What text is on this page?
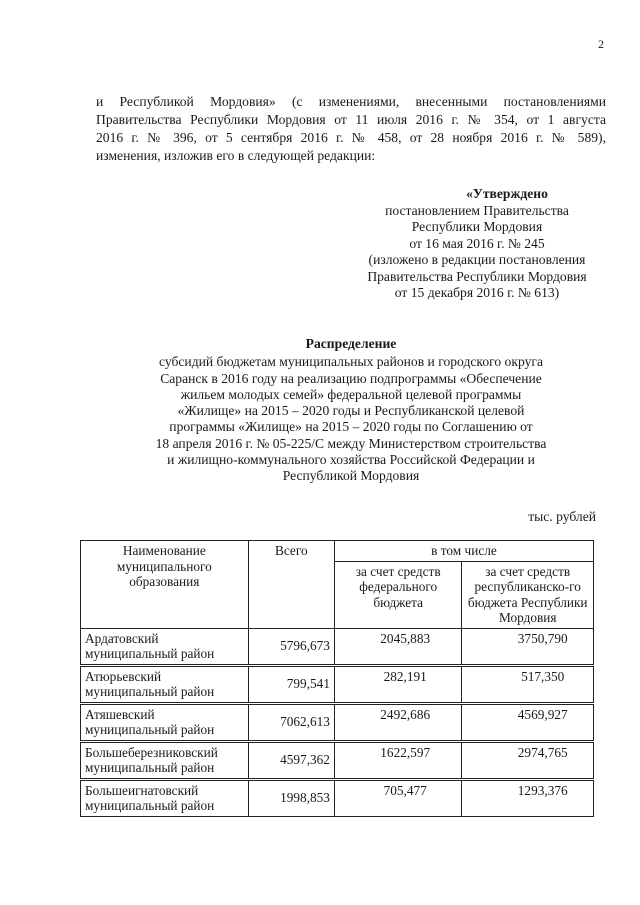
2
и Республикой Мордовия» (с изменениями, внесенными постановлениями
Правительства Республики Мордовия от 11 июля 2016 г. № 354, от 1 августа
2016 г. № 396, от 5 сентября 2016 г. № 458, от 28 ноября 2016 г. № 589),
изменения, изложив его в следующей редакции:
«Утверждено
постановлением Правительства
Республики Мордовия
от 16 мая 2016 г. № 245
(изложено в редакции постановления
Правительства Республики Мордовия
от 15 декабря 2016 г. № 613)
Распределение
субсидий бюджетам муниципальных районов и городского округа
Саранск в 2016 году на реализацию подпрограммы «Обеспечение
жильем молодых семей» федеральной целевой программы
«Жилище» на 2015 – 2020 годы и Республиканской целевой
программы «Жилище» на 2015 – 2020 годы по Соглашению от
18 апреля 2016 г. № 05-225/С между Министерством строительства
и жилищно-коммунального хозяйства Российской Федерации и
Республикой Мордовия
тыс. рублей
Наименование муниципального образования	Всего	в том числе	
		за счет средств федерального бюджета	за счет средств республиканско-го бюджета Республики Мордовия
Ардатовский муниципальный район	5796,673	2045,883	3750,790
Атюрьевский муниципальный район	799,541	282,191	517,350
Атяшевский муниципальный район	7062,613	2492,686	4569,927
Большеберезниковский муниципальный район	4597,362	1622,597	2974,765
Большеигнатовский муниципальный район	1998,853	705,477	1293,376
